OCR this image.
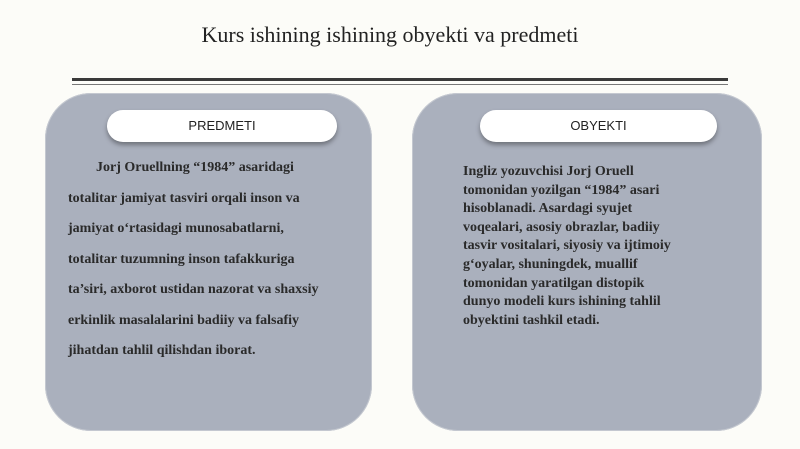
Kurs ishining ishining obyekti va predmeti
PREDMETI	OBYEKTI

Jorj Oruellning “1984” asaridagi

totalitar jamiyat tasviri orqali inson va

jamiyat o‘rtasidagi munosabatlarni,

totalitar tuzumning inson tafakkuriga

ta’siri, axborot ustidan nazorat va shaxsiy

erkinlik masalalarini badiiy va falsafiy

jihatdan tahlil qilishdan iborat.

Ingliz yozuvchisi Jorj Oruell

tomonidan yozilgan “1984” asari

hisoblanadi. Asardagi syujet

voqealari, asosiy obrazlar, badiiy

tasvir vositalari, siyosiy va ijtimoiy

g‘oyalar, shuningdek, muallif

tomonidan yaratilgan distopik

dunyo modeli kurs ishining tahlil

obyektini tashkil etadi.
